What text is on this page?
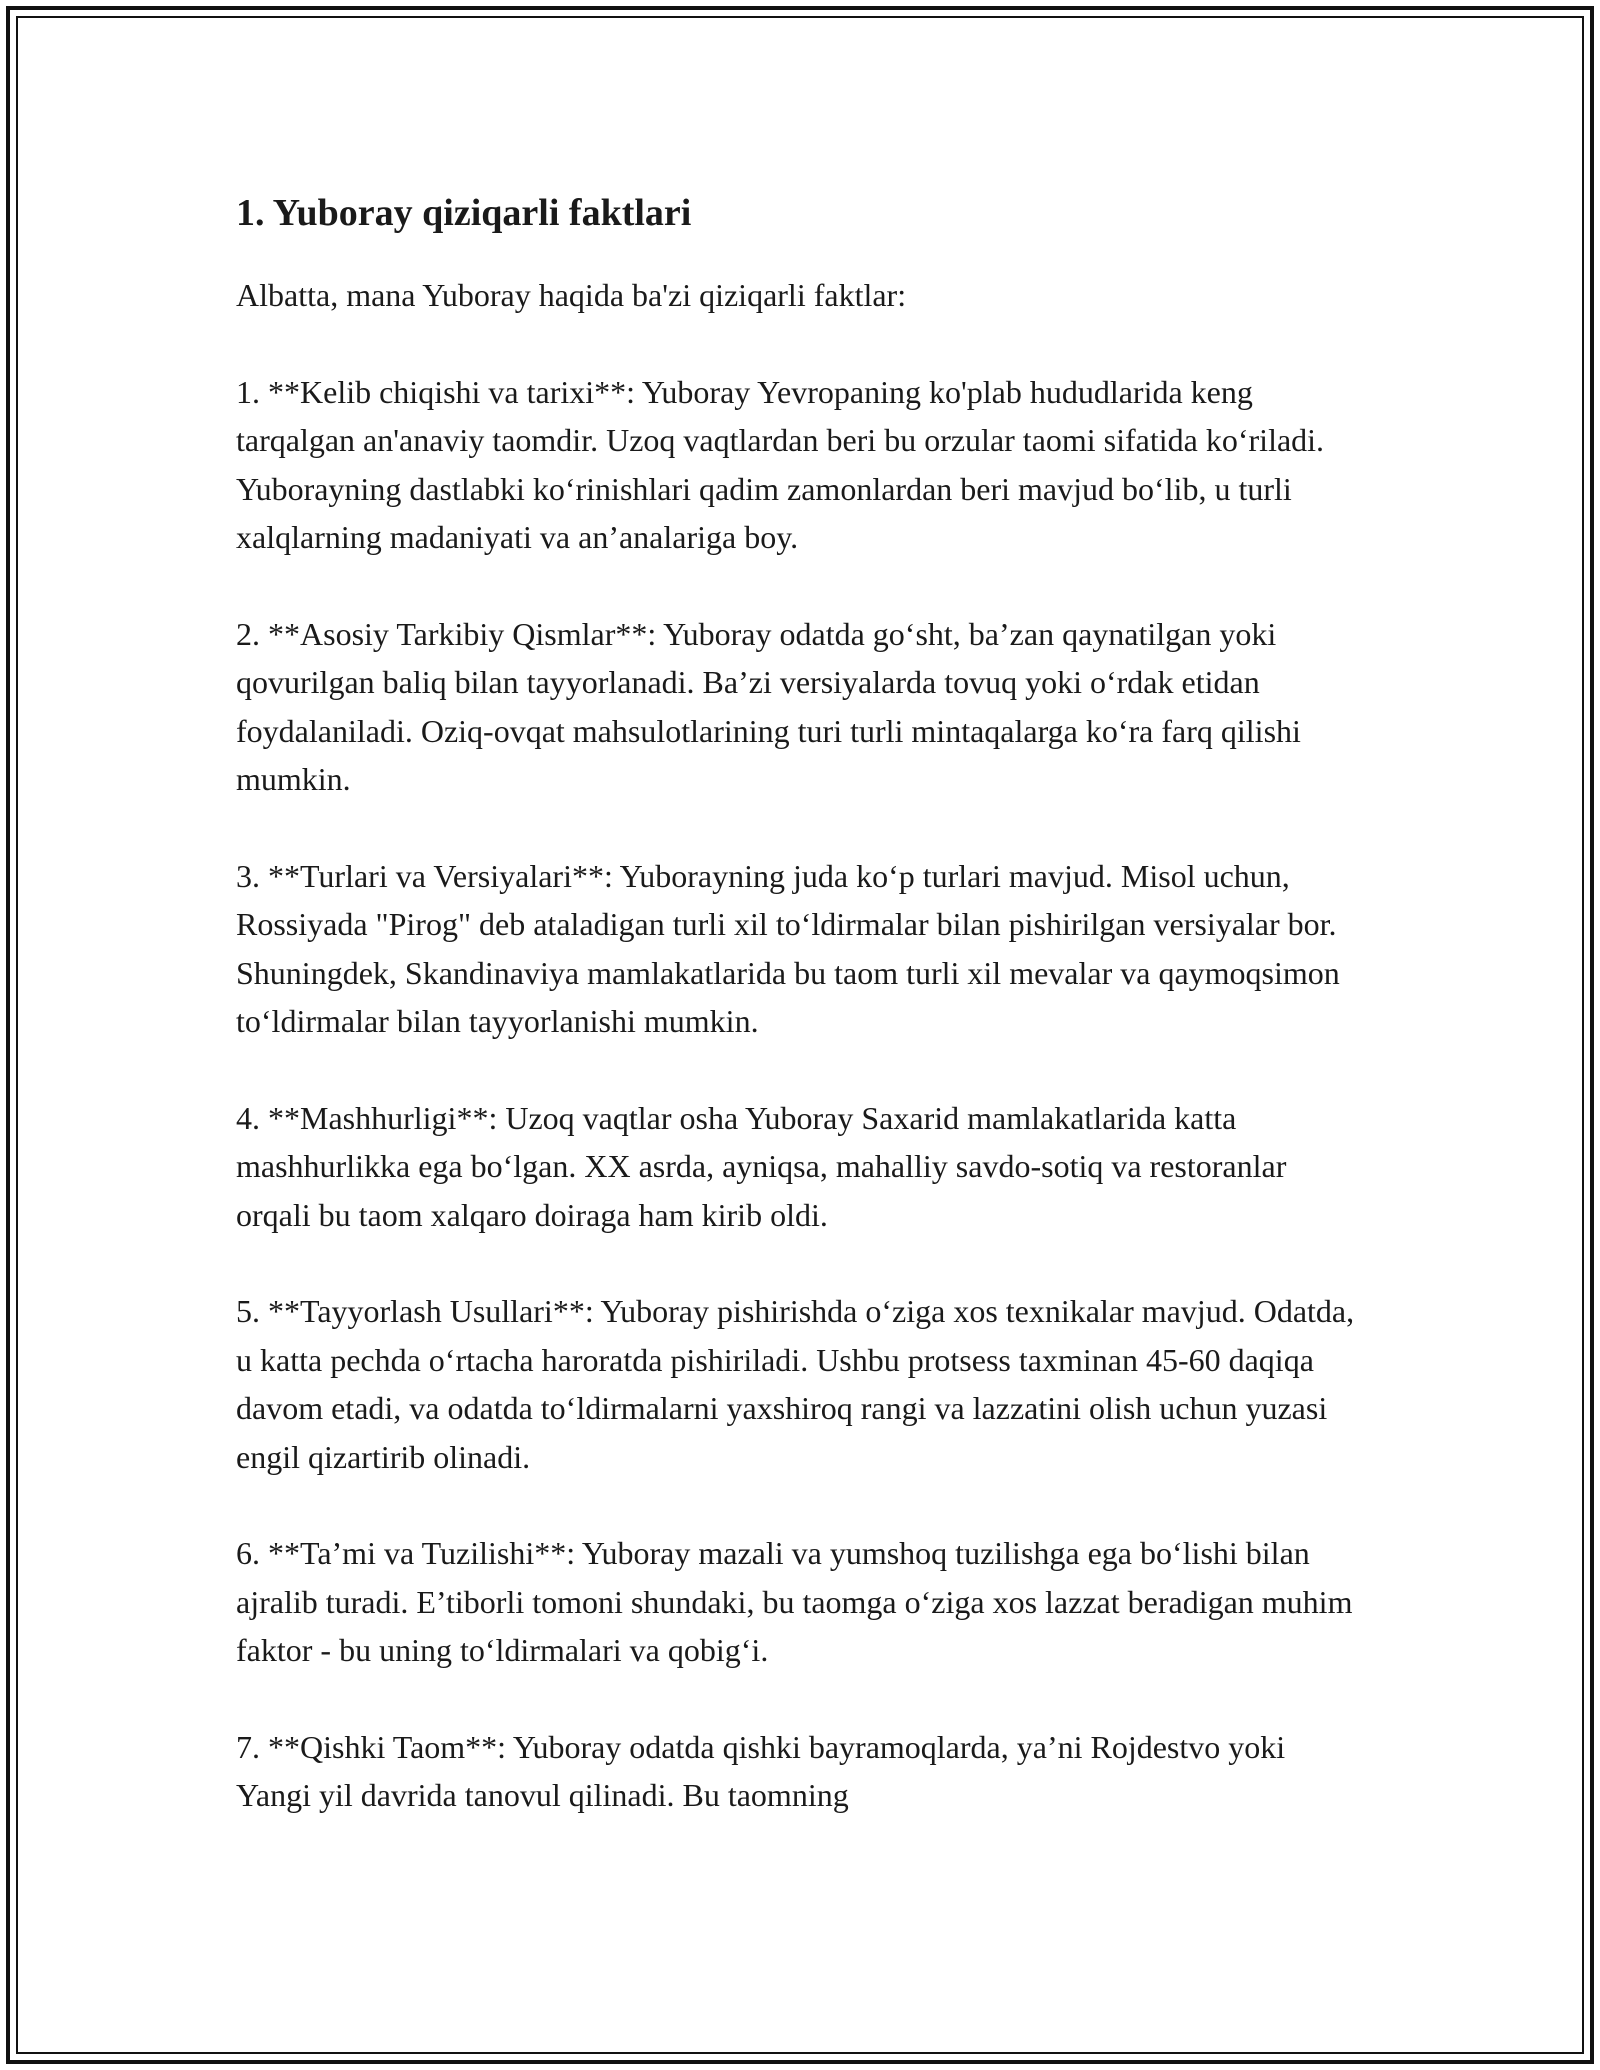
1. Yuboray qiziqarli faktlari

Albatta, mana Yuboray haqida ba'zi qiziqarli faktlar:

1. **Kelib chiqishi va tarixi**: Yuboray Yevropaning ko'plab hududlarida keng tarqalgan an'anaviy taomdir. Uzoq vaqtlardan beri bu orzular taomi sifatida ko‘riladi. Yuborayning dastlabki ko‘rinishlari qadim zamonlardan beri mavjud bo‘lib, u turli xalqlarning madaniyati va an’analariga boy.

2. **Asosiy Tarkibiy Qismlar**: Yuboray odatda go‘sht, ba’zan qaynatilgan yoki qovurilgan baliq bilan tayyorlanadi. Ba’zi versiyalarda tovuq yoki o‘rdak etidan foydalaniladi. Oziq-ovqat mahsulotlarining turi turli mintaqalarga ko‘ra farq qilishi mumkin.

3. **Turlari va Versiyalari**: Yuborayning juda ko‘p turlari mavjud. Misol uchun, Rossiyada "Pirog" deb ataladigan turli xil to‘ldirmalar bilan pishirilgan versiyalar bor. Shuningdek, Skandinaviya mamlakatlarida bu taom turli xil mevalar va qaymoqsimon to‘ldirmalar bilan tayyorlanishi mumkin.

4. **Mashhurligi**: Uzoq vaqtlar osha Yuboray Saxarid mamlakatlarida katta mashhurlikka ega bo‘lgan. XX asrda, ayniqsa, mahalliy savdo-sotiq va restoranlar orqali bu taom xalqaro doiraga ham kirib oldi.

5. **Tayyorlash Usullari**: Yuboray pishirishda o‘ziga xos texnikalar mavjud. Odatda, u katta pechda o‘rtacha haroratda pishiriladi. Ushbu protsess taxminan 45-60 daqiqa davom etadi, va odatda to‘ldirmalarni yaxshiroq rangi va lazzatini olish uchun yuzasi engil qizartirib olinadi.

6. **Ta’mi va Tuzilishi**: Yuboray mazali va yumshoq tuzilishga ega bo‘lishi bilan ajralib turadi. E’tiborli tomoni shundaki, bu taomga o‘ziga xos lazzat beradigan muhim faktor - bu uning to‘ldirmalari va qobig‘i.

7. **Qishki Taom**: Yuboray odatda qishki bayramoqlarda, ya’ni Rojdestvo yoki Yangi yil davrida tanovul qilinadi. Bu taomning
